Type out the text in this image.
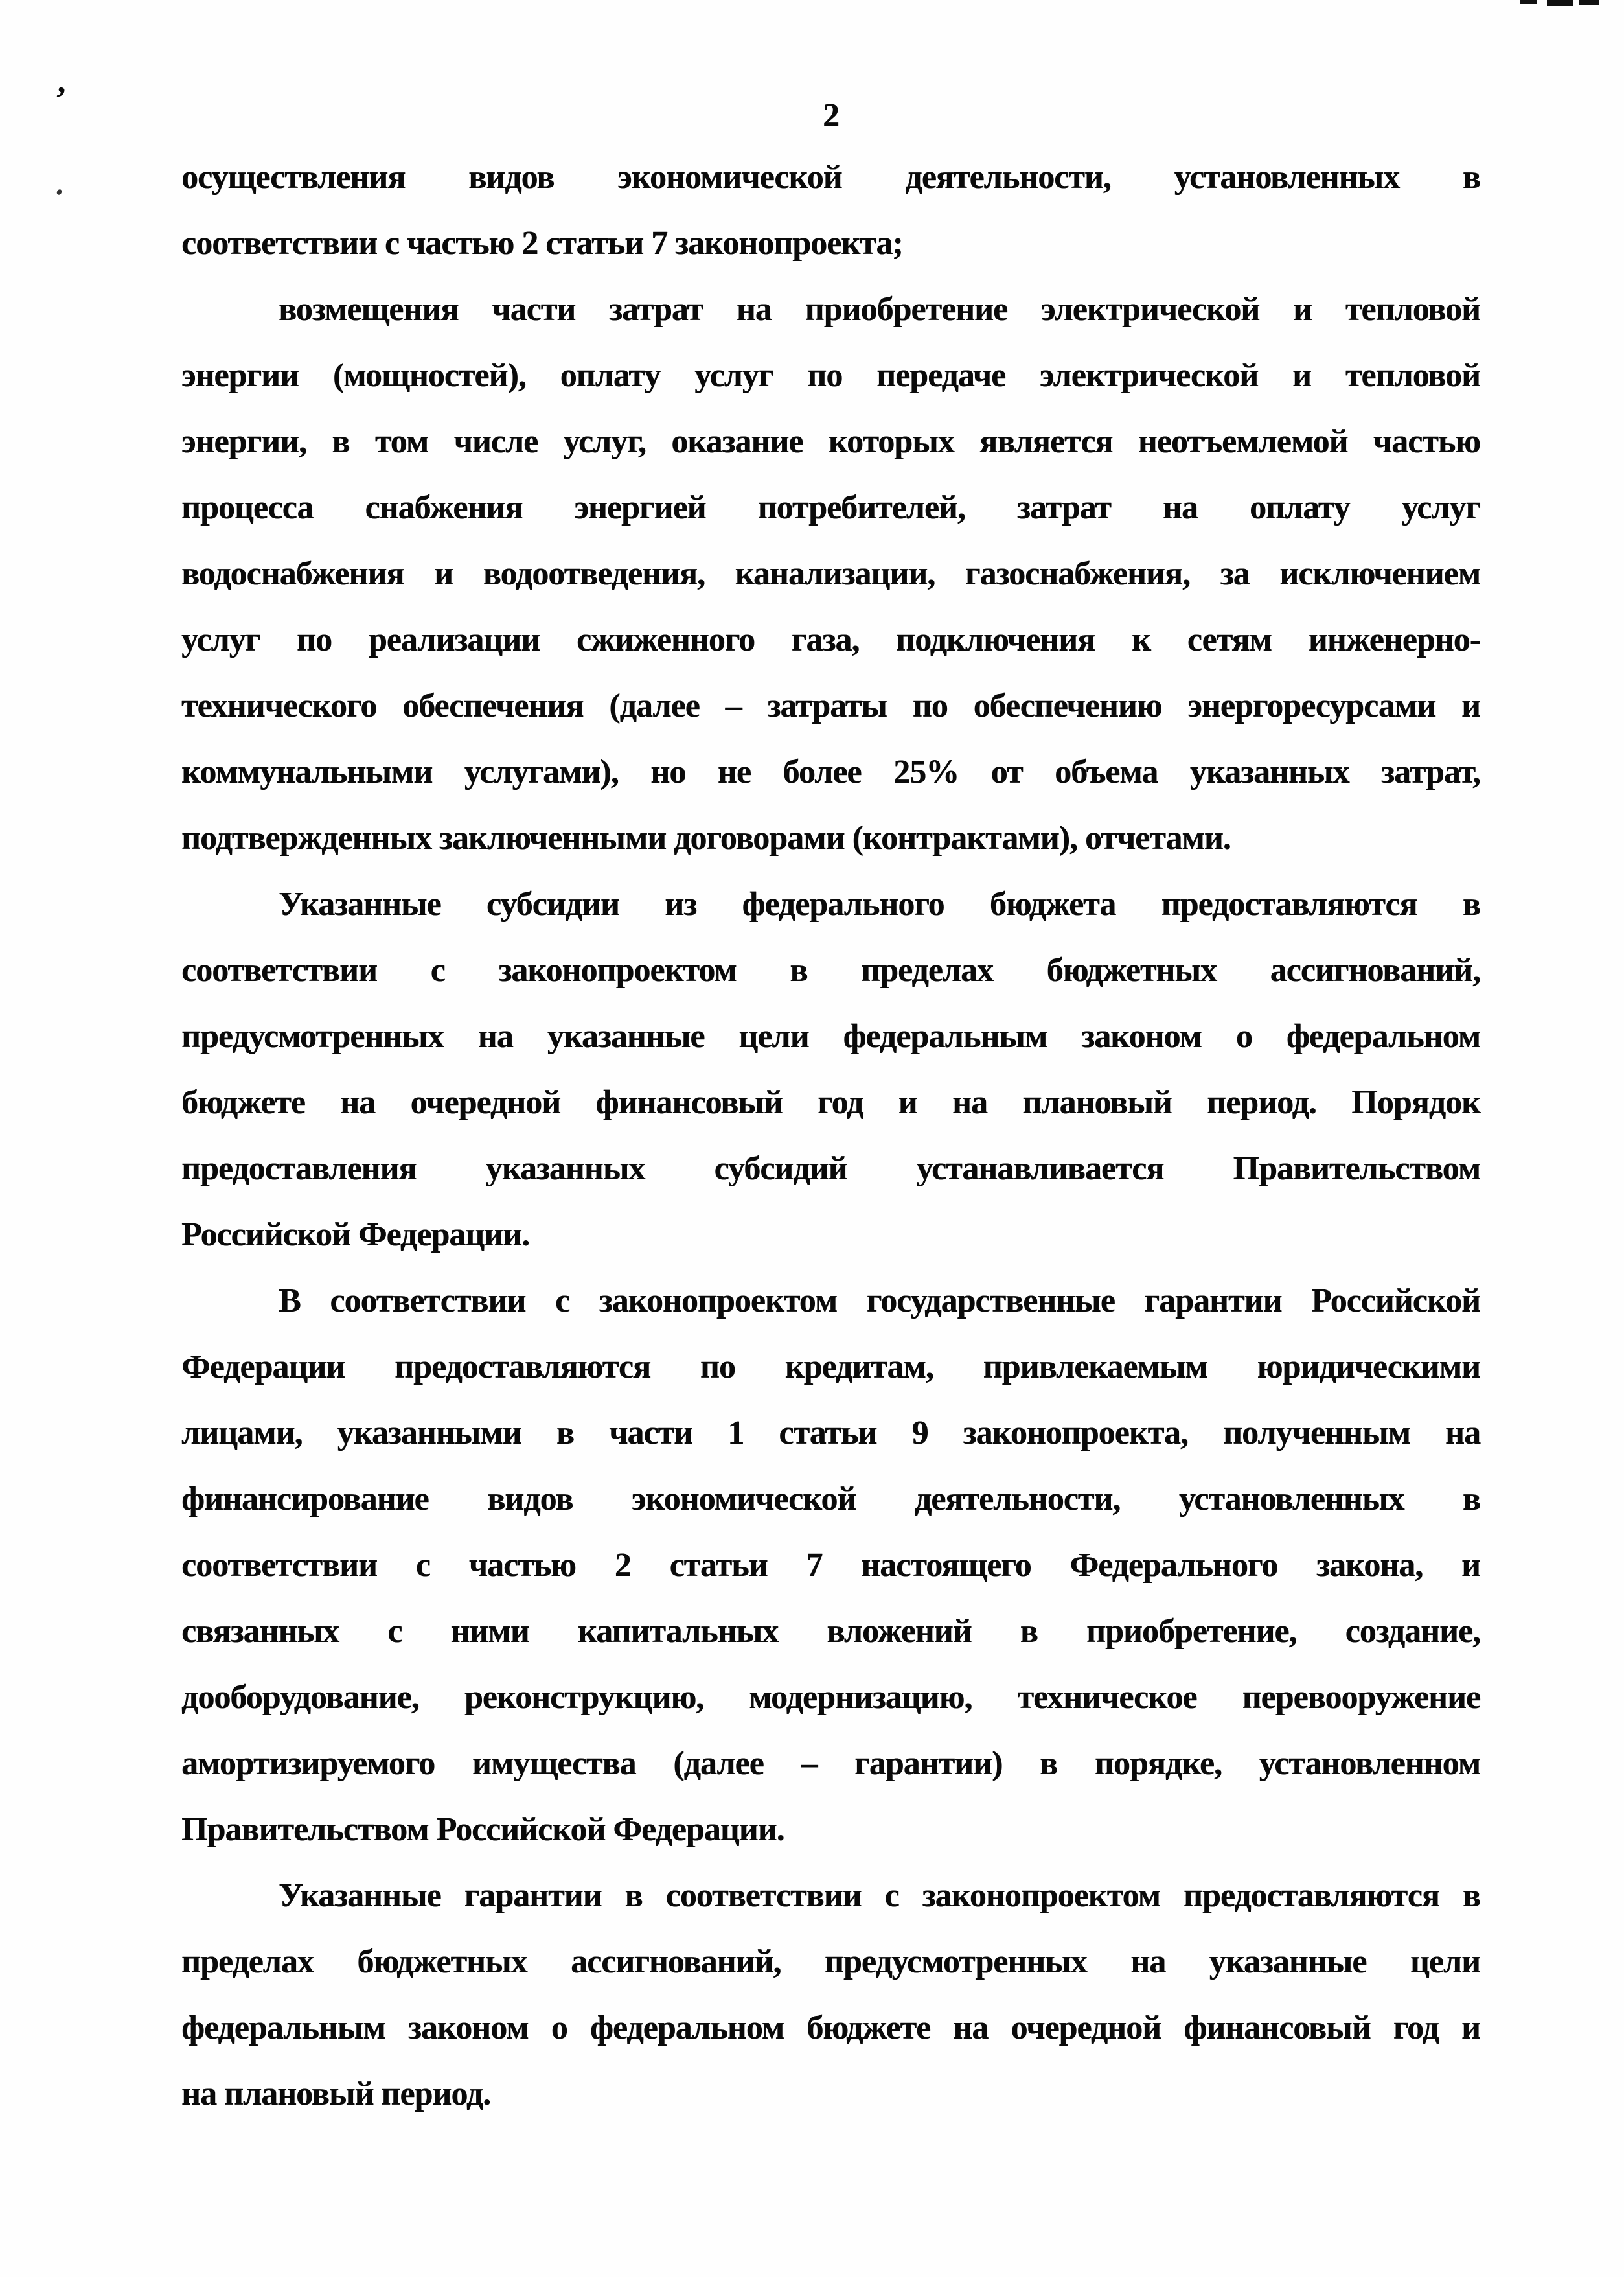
’	2
осуществления видов экономической деятельности, установленных в
соответствии с частью 2 статьи 7 законопроекта;
возмещения части затрат на приобретение электрической и тепловой
энергии (мощностей), оплату услуг по передаче электрической и тепловой
энергии, в том числе услуг, оказание которых является неотъемлемой частью
процесса снабжения энергией потребителей, затрат на оплату услуг
водоснабжения и водоотведения, канализации, газоснабжения, за исключением
услуг по реализации сжиженного газа, подключения к сетям инженерно-
технического обеспечения (далее – затраты по обеспечению энергоресурсами и
коммунальными услугами), но не более 25% от объема указанных затрат,
подтвержденных заключенными договорами (контрактами), отчетами.
Указанные субсидии из федерального бюджета предоставляются в
соответствии с законопроектом в пределах бюджетных ассигнований,
предусмотренных на указанные цели федеральным законом о федеральном
бюджете на очередной финансовый год и на плановый период. Порядок
предоставления указанных субсидий устанавливается Правительством
Российской Федерации.
В соответствии с законопроектом государственные гарантии Российской
Федерации предоставляются по кредитам, привлекаемым юридическими
лицами, указанными в части 1 статьи 9 законопроекта, полученным на
финансирование видов экономической деятельности, установленных в
соответствии с частью 2 статьи 7 настоящего Федерального закона, и
связанных с ними капитальных вложений в приобретение, создание,
дооборудование, реконструкцию, модернизацию, техническое перевооружение
амортизируемого имущества (далее – гарантии) в порядке, установленном
Правительством Российской Федерации.
Указанные гарантии в соответствии с законопроектом предоставляются в
пределах бюджетных ассигнований, предусмотренных на указанные цели
федеральным законом о федеральном бюджете на очередной финансовый год и
на плановый период.
